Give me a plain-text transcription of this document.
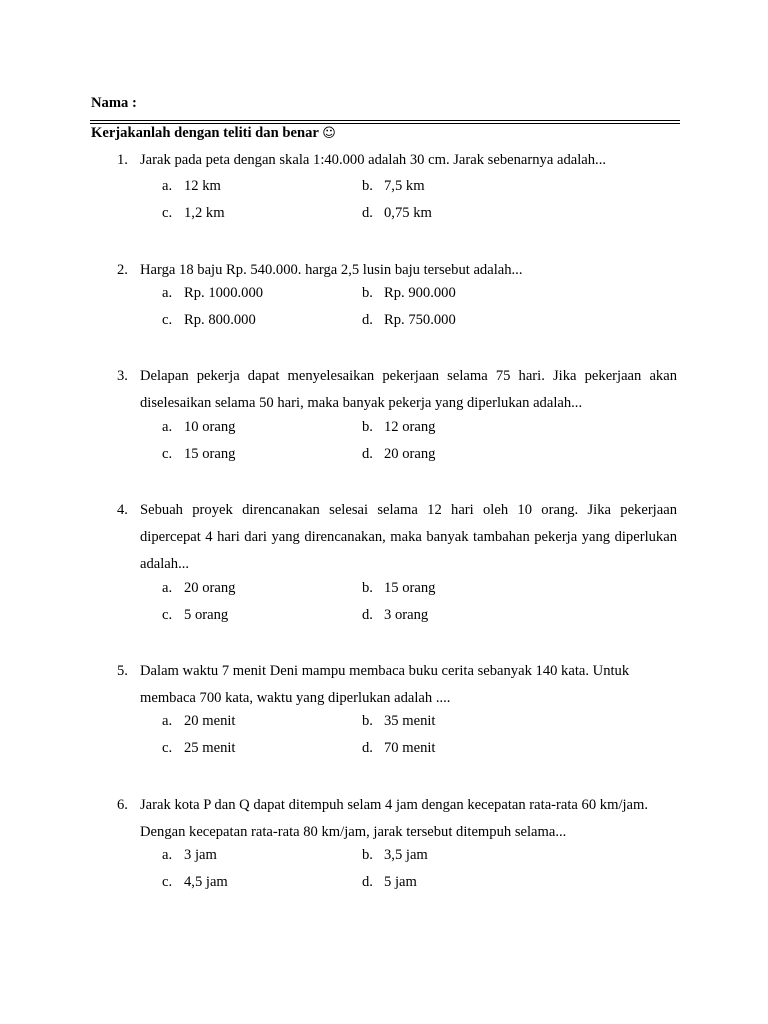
Nama :
Kerjakanlah dengan teliti dan benar ☺
1. Jarak pada peta dengan skala 1:40.000 adalah 30 cm. Jarak sebenarnya adalah...
a. 12 km	b. 7,5 km
c. 1,2 km	d. 0,75 km
2. Harga 18 baju Rp. 540.000. harga 2,5 lusin baju tersebut adalah...
a. Rp. 1000.000	b. Rp. 900.000
c. Rp. 800.000	d. Rp. 750.000
3. Delapan pekerja dapat menyelesaikan pekerjaan selama 75 hari. Jika pekerjaan akan diselesaikan selama 50 hari, maka banyak pekerja yang diperlukan adalah...
a. 10 orang	b. 12 orang
c. 15 orang	d. 20 orang
4. Sebuah proyek direncanakan selesai selama 12 hari oleh 10 orang. Jika pekerjaan dipercepat 4 hari dari yang direncanakan, maka banyak tambahan pekerja yang diperlukan adalah...
a. 20 orang	b. 15 orang
c. 5 orang	d. 3 orang
5. Dalam waktu 7 menit Deni mampu membaca buku cerita sebanyak 140 kata. Untuk membaca 700 kata, waktu yang diperlukan adalah ....
a. 20 menit	b. 35 menit
c. 25 menit	d. 70 menit
6. Jarak kota P dan Q dapat ditempuh selam 4 jam dengan kecepatan rata-rata 60 km/jam. Dengan kecepatan rata-rata 80 km/jam, jarak tersebut ditempuh selama...
a. 3 jam	b. 3,5 jam
c. 4,5 jam	d. 5 jam
